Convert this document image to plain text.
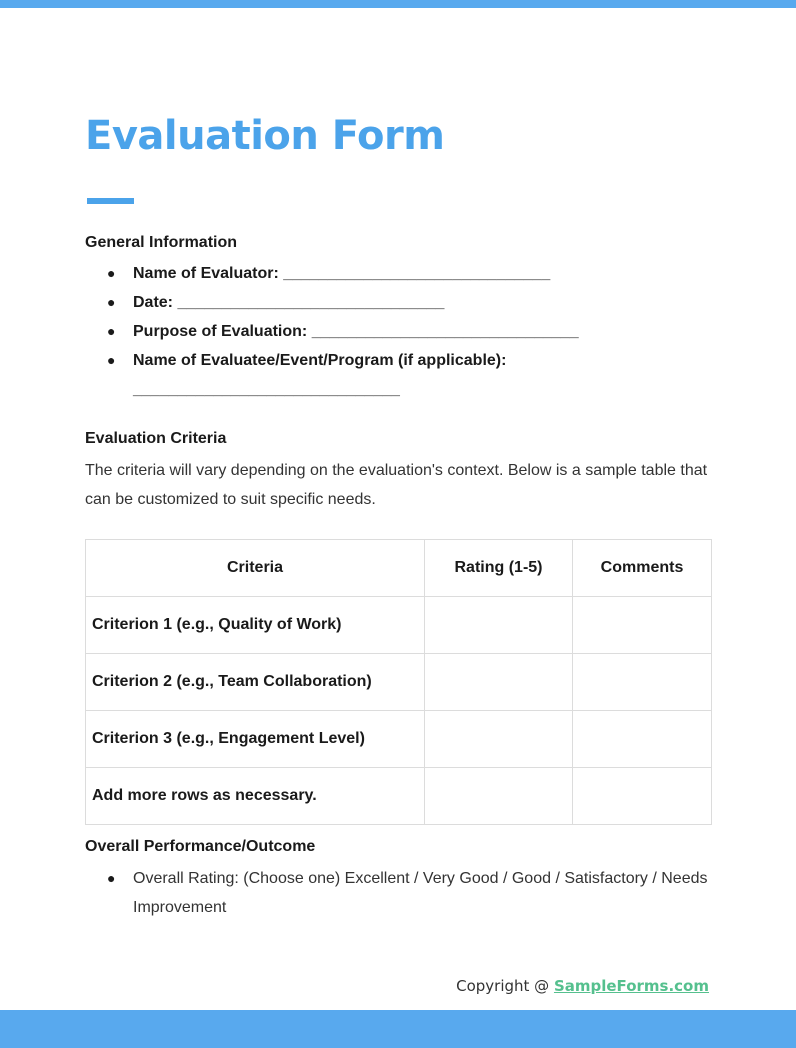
Evaluation Form
General Information
● Name of Evaluator: ______________________________
● Date: ______________________________
● Purpose of Evaluation: ______________________________
● Name of Evaluatee/Event/Program (if applicable): ______________________________
Evaluation Criteria

The criteria will vary depending on the evaluation's context. Below is a sample table that can be customized to suit specific needs.

Criteria	Rating (1-5)	Comments
Criterion 1 (e.g., Quality of Work)		
Criterion 2 (e.g., Team Collaboration)		
Criterion 3 (e.g., Engagement Level)		
Add more rows as necessary.		
Overall Performance/Outcome
● Overall Rating: (Choose one) Excellent / Very Good / Good / Satisfactory / Needs Improvement
Copyright @ SampleForms.com
